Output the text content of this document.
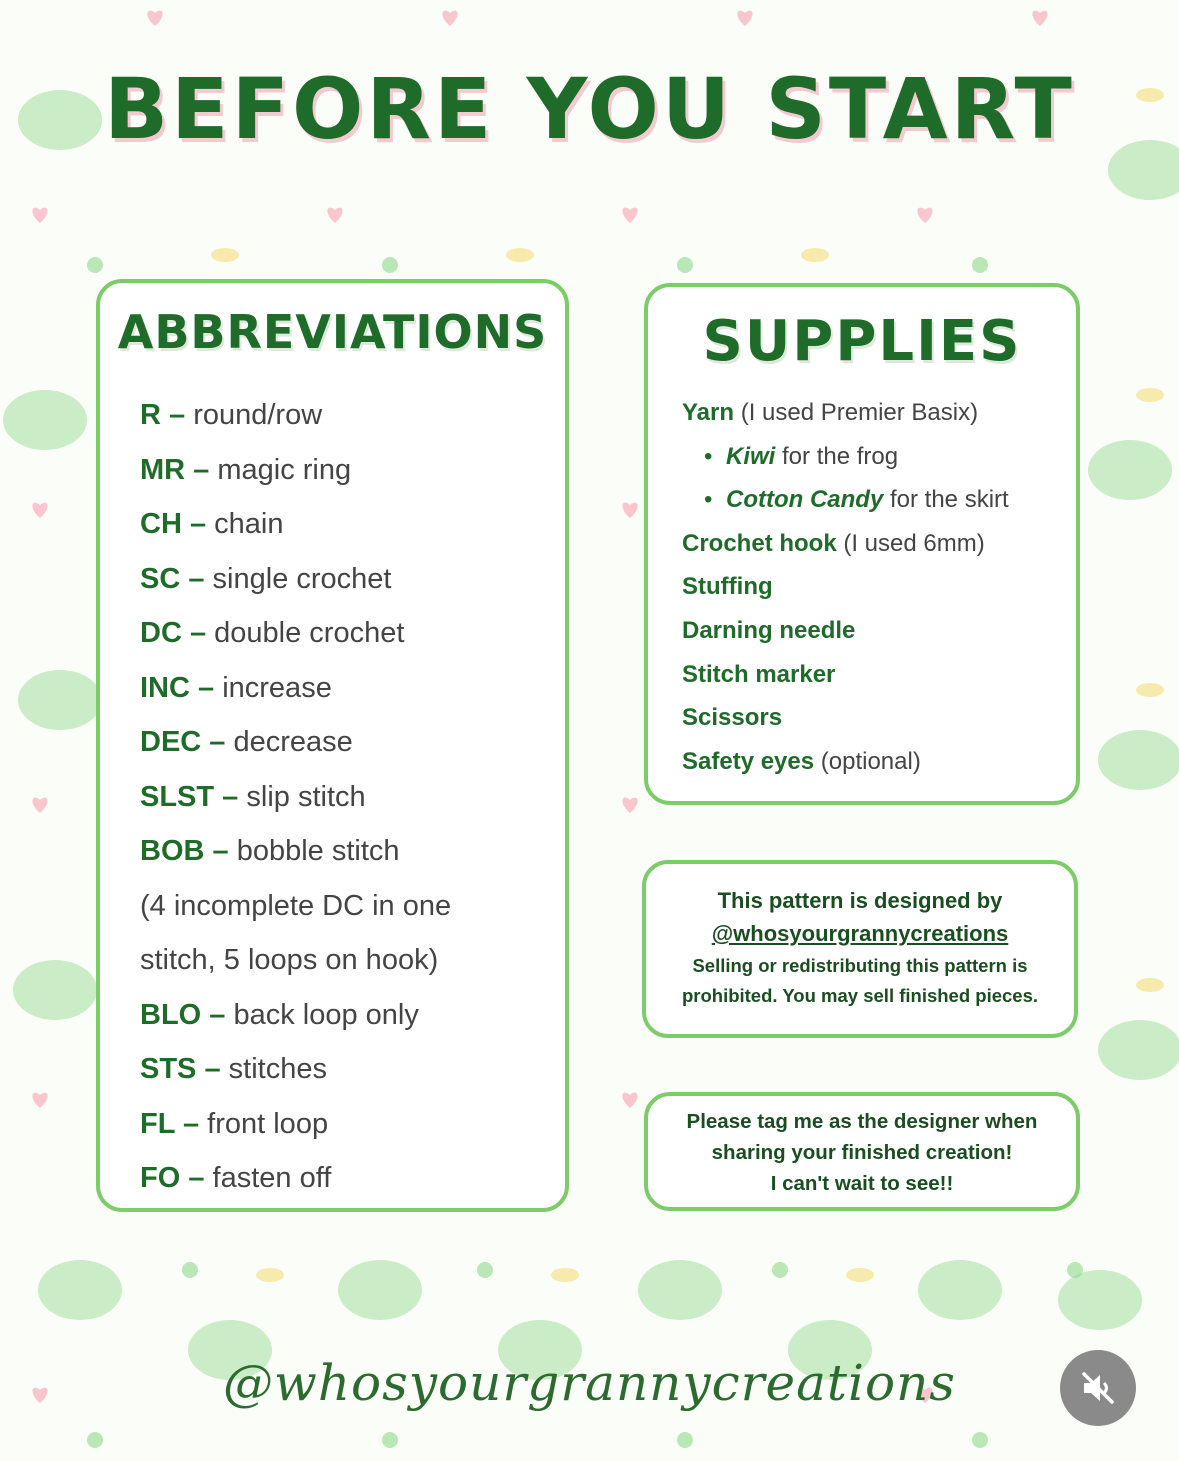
BEFORE YOU START
ABBREVIATIONS
R – round/row
MR – magic ring
CH – chain
SC – single crochet
DC – double crochet
INC – increase
DEC – decrease
SLST – slip stitch
BOB – bobble stitch
(4 incomplete DC in one
stitch, 5 loops on hook)
BLO – back loop only
STS – stitches
FL – front loop
FO – fasten off
SUPPLIES
Yarn (I used Premier Basix)
• Kiwi for the frog
• Cotton Candy for the skirt
Crochet hook (I used 6mm)
Stuffing
Darning needle
Stitch marker
Scissors
Safety eyes (optional)
This pattern is designed by
@whosyourgrannycreations
Selling or redistributing this pattern is
prohibited. You may sell finished pieces.
Please tag me as the designer when
sharing your finished creation!
I can't wait to see!!
@whosyourgrannycreations
